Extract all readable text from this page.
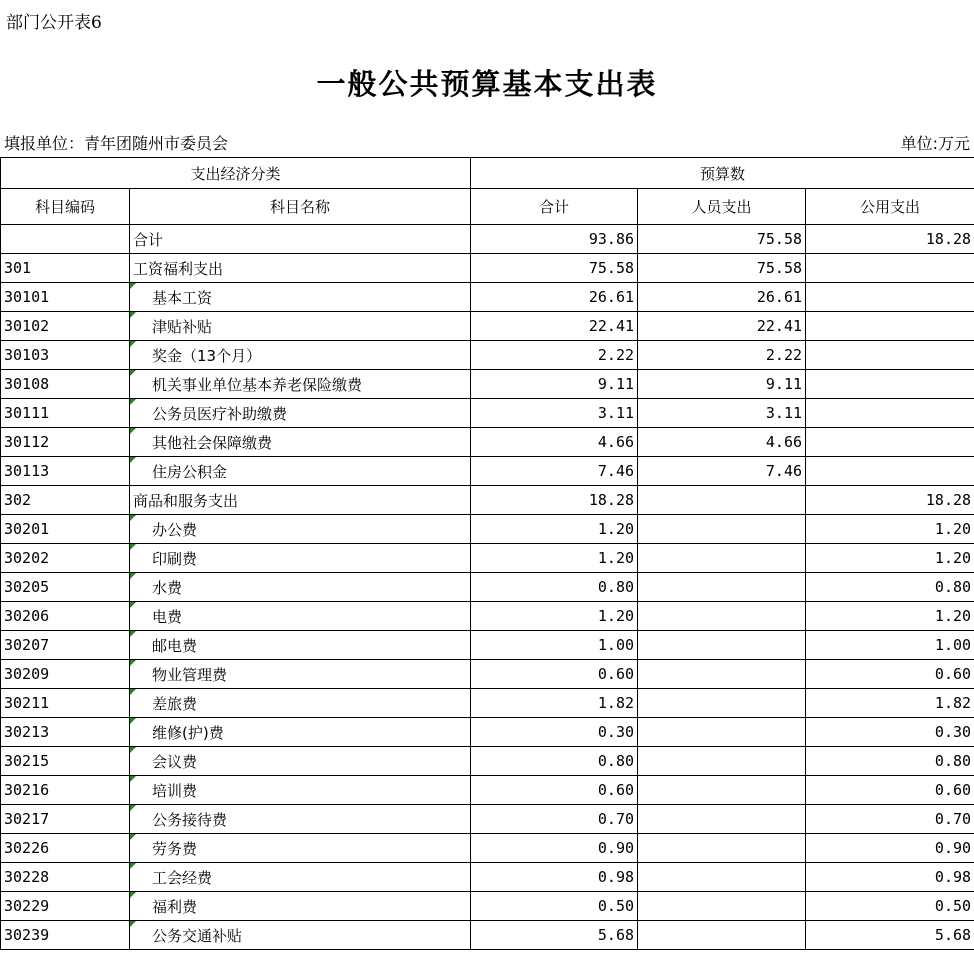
部门公开表6
一般公共预算基本支出表
填报单位：青年团随州市委员会	单位:万元
支出经济分类		预算数		
科目编码	科目名称	合计	人员支出	公用支出
	合计	93.86	75.58	18.28
301	工资福利支出	75.58	75.58	
30101	基本工资	26.61	26.61	
30102	津贴补贴	22.41	22.41	
30103	奖金（13个月）	2.22	2.22	
30108	机关事业单位基本养老保险缴费	9.11	9.11	
30111	公务员医疗补助缴费	3.11	3.11	
30112	其他社会保障缴费	4.66	4.66	
30113	住房公积金	7.46	7.46	
302	商品和服务支出	18.28		18.28
30201	办公费	1.20		1.20
30202	印刷费	1.20		1.20
30205	水费	0.80		0.80
30206	电费	1.20		1.20
30207	邮电费	1.00		1.00
30209	物业管理费	0.60		0.60
30211	差旅费	1.82		1.82
30213	维修(护)费	0.30		0.30
30215	会议费	0.80		0.80
30216	培训费	0.60		0.60
30217	公务接待费	0.70		0.70
30226	劳务费	0.90		0.90
30228	工会经费	0.98		0.98
30229	福利费	0.50		0.50
30239	公务交通补贴	5.68		5.68
